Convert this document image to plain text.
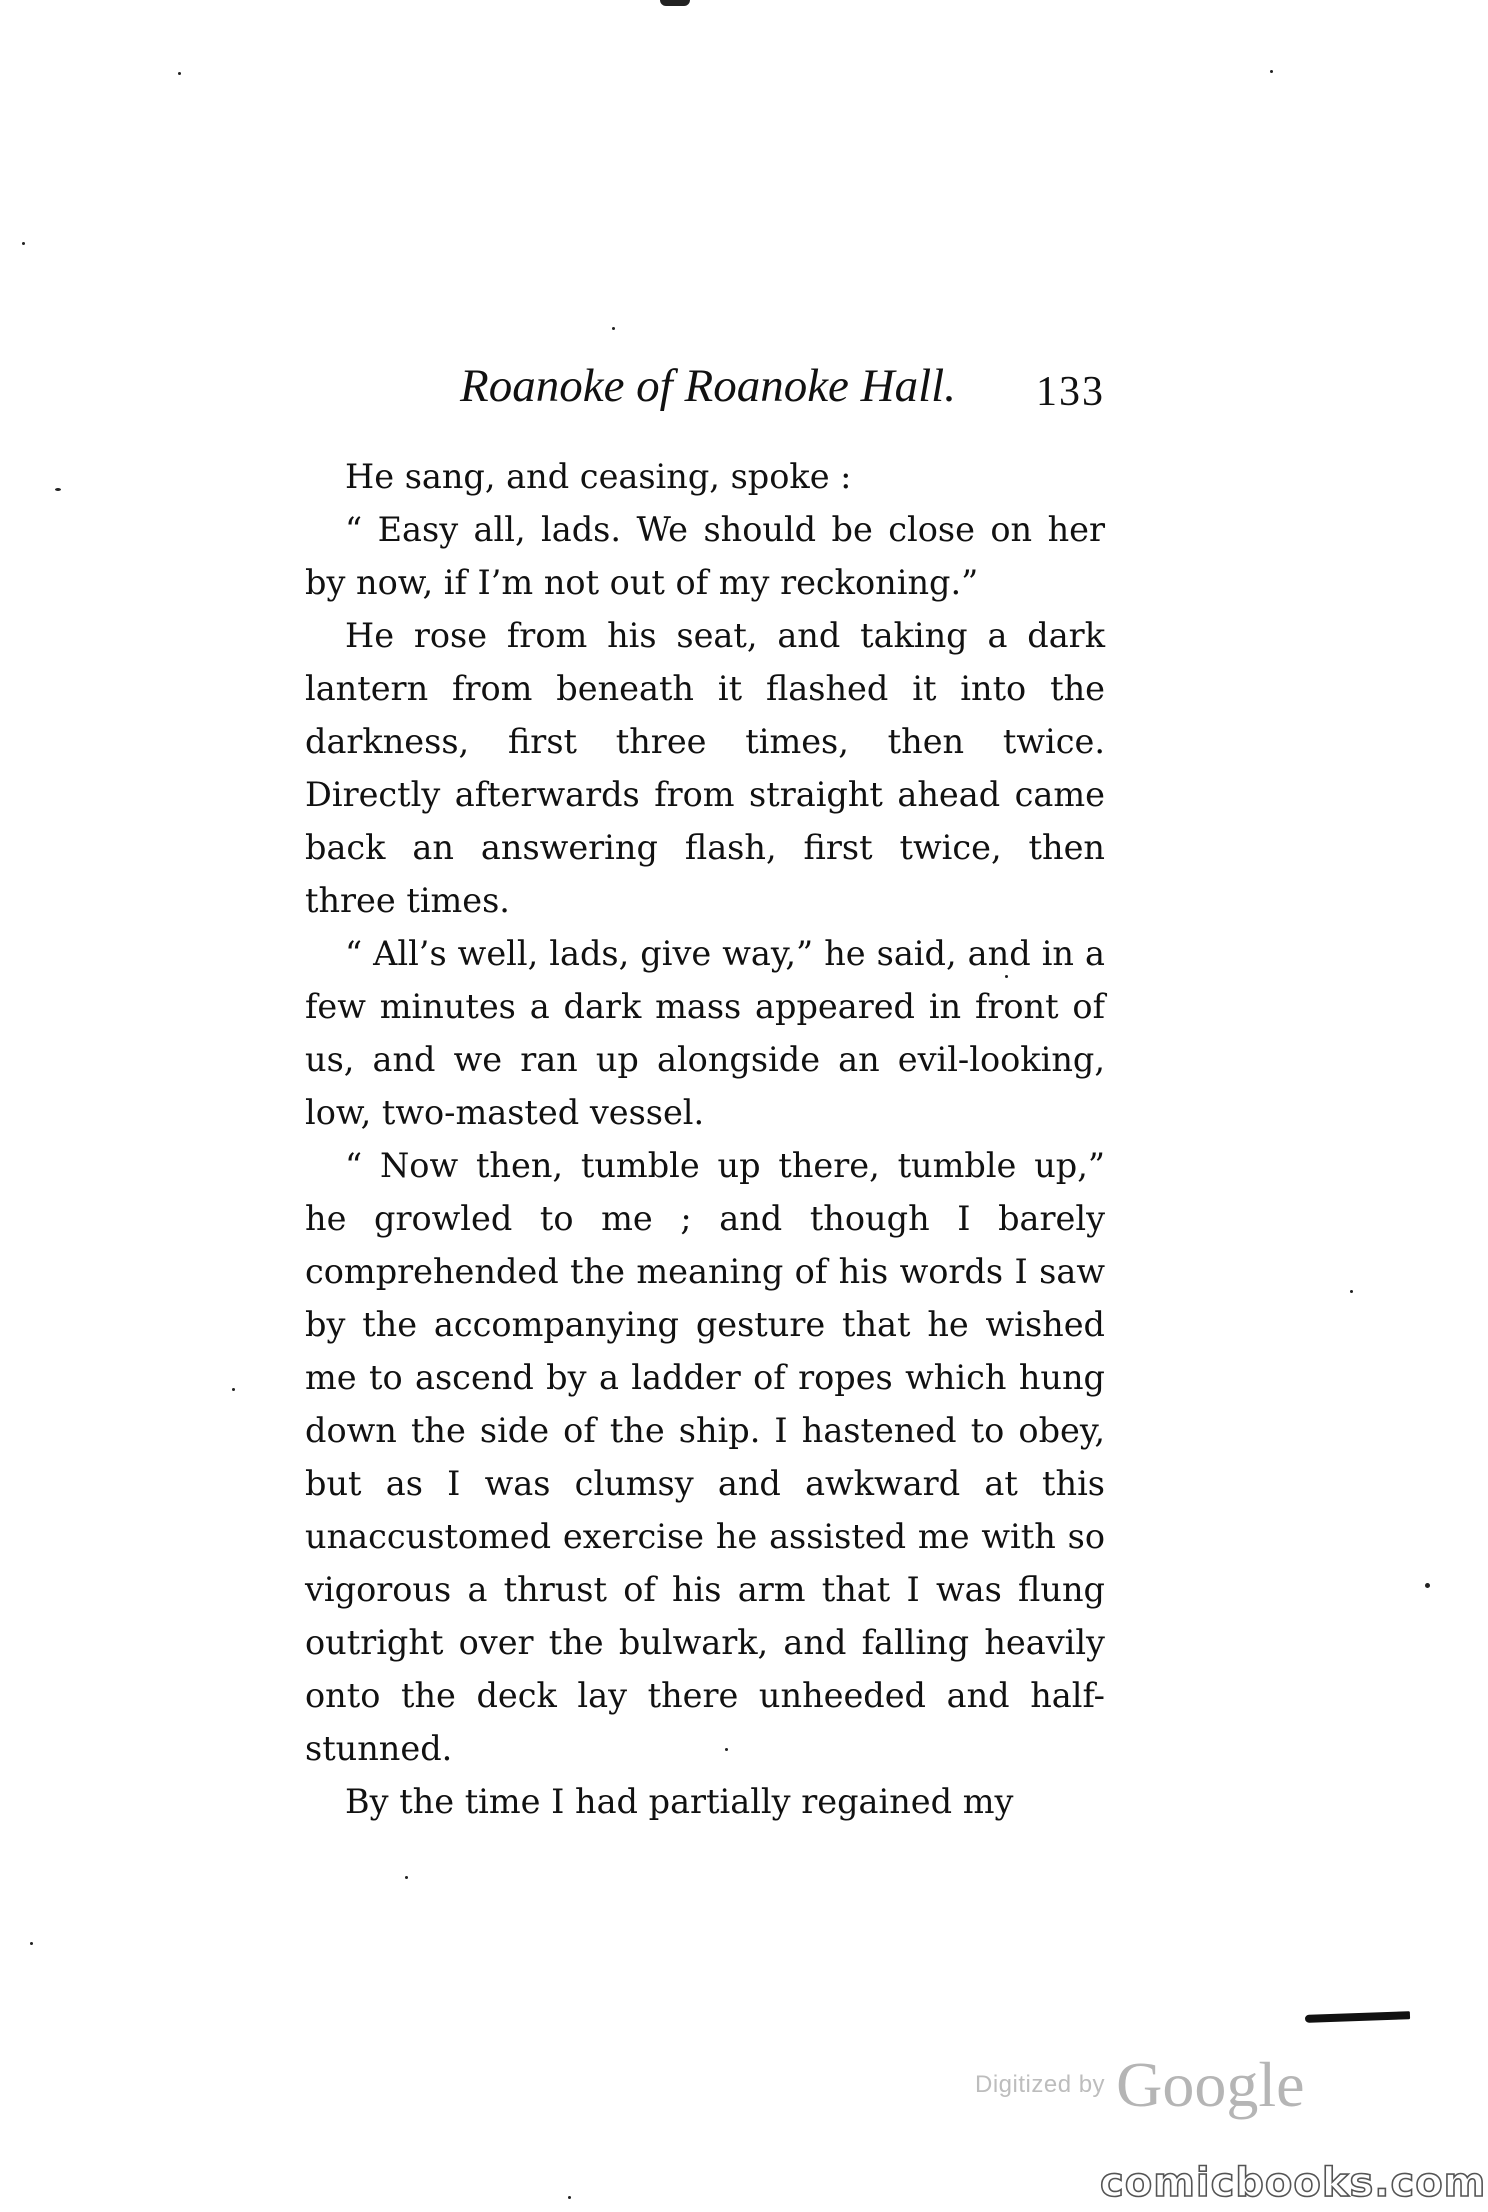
Roanoke of Roanoke Hall. 133

He sang, and ceasing, spoke :

“ Easy all, lads. We should be close on her by now, if I’m not out of my reckoning.”

He rose from his seat, and taking a dark lantern from beneath it flashed it into the darkness, first three times, then twice. Directly afterwards from straight ahead came back an answering flash, first twice, then three times.

“ All’s well, lads, give way,” he said, and in a few minutes a dark mass appeared in front of us, and we ran up alongside an evil-looking, low, two-masted vessel.

“ Now then, tumble up there, tumble up,” he growled to me ; and though I barely comprehended the meaning of his words I saw by the accompanying gesture that he wished me to ascend by a ladder of ropes which hung down the side of the ship. I hastened to obey, but as I was clumsy and awkward at this unaccustomed exercise he assisted me with so vigorous a thrust of his arm that I was flung outright over the bulwark, and falling heavily onto the deck lay there unheeded and half-stunned.

By the time I had partially regained my

Digitized by Google
comicbooks.com
